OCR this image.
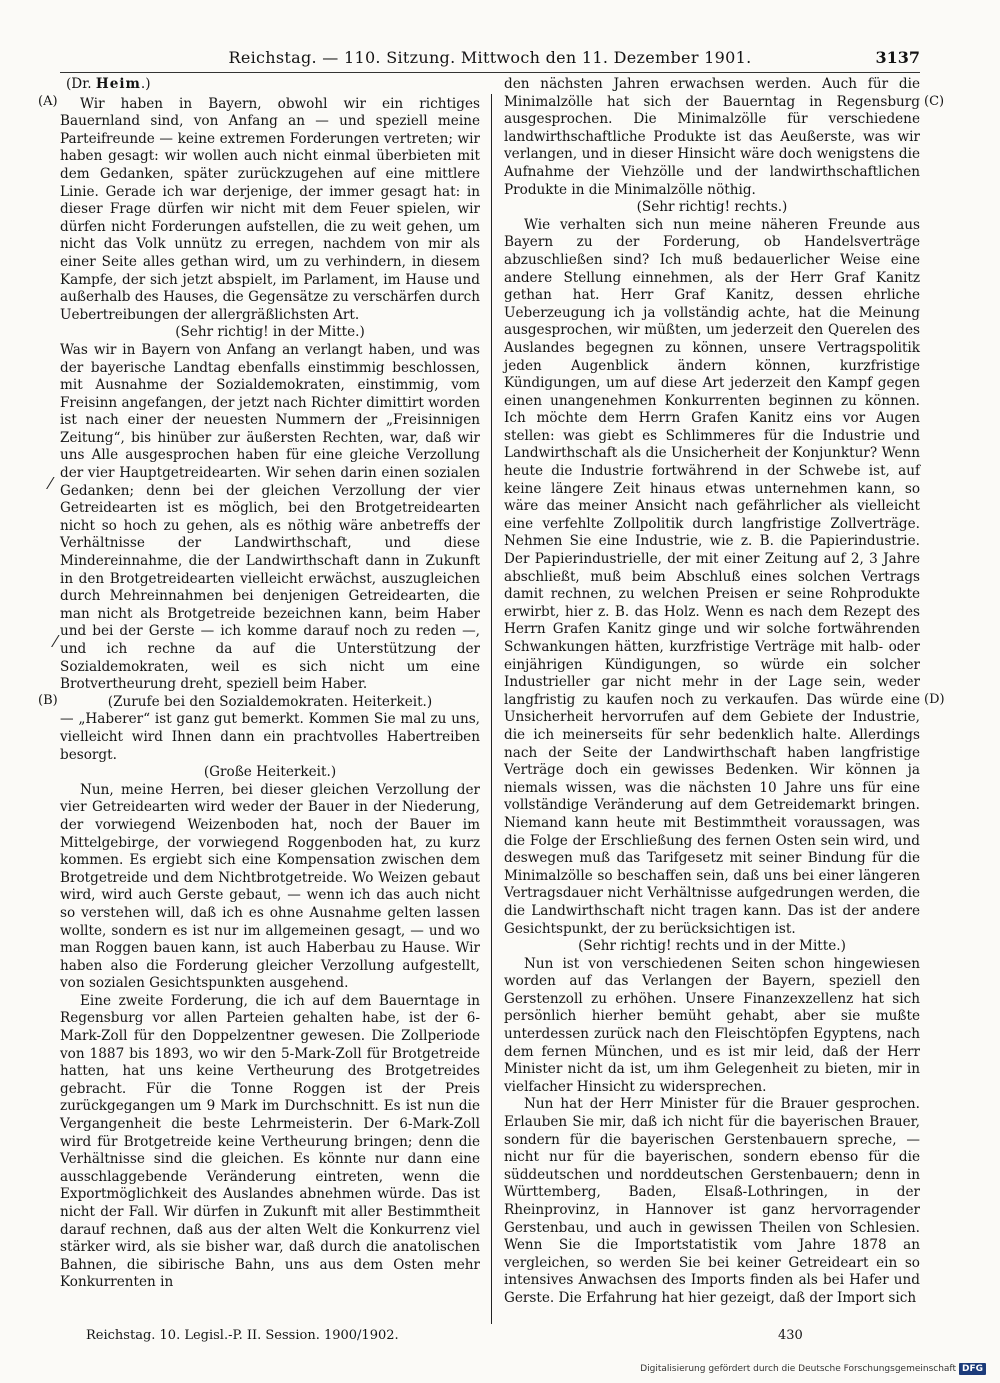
Reichstag. — 110. Sitzung. Mittwoch den 11. Dezember 1901.	3137
(A)
(B)
(C)
(D)
⁄
⁄

(Dr. Heim.)

Wir haben in Bayern, obwohl wir ein richtiges Bauernland sind, von Anfang an — und speziell meine Parteifreunde — keine extremen Forderungen vertreten; wir haben gesagt: wir wollen auch nicht einmal überbieten mit dem Gedanken, später zurückzugehen auf eine mittlere Linie. Gerade ich war derjenige, der immer gesagt hat: in dieser Frage dürfen wir nicht mit dem Feuer spielen, wir dürfen nicht Forderungen aufstellen, die zu weit gehen, um nicht das Volk unnütz zu erregen, nachdem von mir als einer Seite alles gethan wird, um zu verhindern, in diesem Kampfe, der sich jetzt abspielt, im Parlament, im Hause und außerhalb des Hauses, die Gegensätze zu verschärfen durch Uebertreibungen der allergräßlichsten Art.

(Sehr richtig! in der Mitte.)

Was wir in Bayern von Anfang an verlangt haben, und was der bayerische Landtag ebenfalls einstimmig beschlossen, mit Ausnahme der Sozialdemokraten, einstimmig, vom Freisinn angefangen, der jetzt nach Richter dimittirt worden ist nach einer der neuesten Nummern der „Freisinnigen Zeitung“, bis hinüber zur äußersten Rechten, war, daß wir uns Alle ausgesprochen haben für eine gleiche Verzollung der vier Hauptgetreidearten. Wir sehen darin einen sozialen Gedanken; denn bei der gleichen Verzollung der vier Getreidearten ist es möglich, bei den Brotgetreidearten nicht so hoch zu gehen, als es nöthig wäre anbetreffs der Verhältnisse der Landwirthschaft, und diese Mindereinnahme, die der Landwirthschaft dann in Zukunft in den Brotgetreidearten vielleicht erwächst, auszugleichen durch Mehreinnahmen bei denjenigen Getreidearten, die man nicht als Brotgetreide bezeichnen kann, beim Haber und bei der Gerste — ich komme darauf noch zu reden —, und ich rechne da auf die Unterstützung der Sozialdemokraten, weil es sich nicht um eine Brotvertheurung dreht, speziell beim Haber.

(Zurufe bei den Sozialdemokraten. Heiterkeit.)

— „Haberer“ ist ganz gut bemerkt. Kommen Sie mal zu uns, vielleicht wird Ihnen dann ein prachtvolles Habertreiben besorgt.

(Große Heiterkeit.)

Nun, meine Herren, bei dieser gleichen Verzollung der vier Getreidearten wird weder der Bauer in der Niederung, der vorwiegend Weizenboden hat, noch der Bauer im Mittelgebirge, der vorwiegend Roggenboden hat, zu kurz kommen. Es ergiebt sich eine Kompensation zwischen dem Brotgetreide und dem Nichtbrotgetreide. Wo Weizen gebaut wird, wird auch Gerste gebaut, — wenn ich das auch nicht so verstehen will, daß ich es ohne Ausnahme gelten lassen wollte, sondern es ist nur im allgemeinen gesagt, — und wo man Roggen bauen kann, ist auch Haberbau zu Hause. Wir haben also die Forderung gleicher Verzollung aufgestellt, von sozialen Gesichtspunkten ausgehend.

Eine zweite Forderung, die ich auf dem Bauerntage in Regensburg vor allen Parteien gehalten habe, ist der 6-Mark-Zoll für den Doppelzentner gewesen. Die Zollperiode von 1887 bis 1893, wo wir den 5-Mark-Zoll für Brotgetreide hatten, hat uns keine Vertheurung des Brotgetreides gebracht. Für die Tonne Roggen ist der Preis zurückgegangen um 9 Mark im Durchschnitt. Es ist nun die Vergangenheit die beste Lehrmeisterin. Der 6-Mark-Zoll wird für Brotgetreide keine Vertheurung bringen; denn die Verhältnisse sind die gleichen. Es könnte nur dann eine ausschlaggebende Veränderung eintreten, wenn die Exportmöglichkeit des Auslandes abnehmen würde. Das ist nicht der Fall. Wir dürfen in Zukunft mit aller Bestimmtheit darauf rechnen, daß aus der alten Welt die Konkurrenz viel stärker wird, als sie bisher war, daß durch die anatolischen Bahnen, die sibirische Bahn, uns aus dem Osten mehr Konkurrenten in

den nächsten Jahren erwachsen werden. Auch für die Minimalzölle hat sich der Bauerntag in Regensburg ausgesprochen. Die Minimalzölle für verschiedene landwirthschaftliche Produkte ist das Aeußerste, was wir verlangen, und in dieser Hinsicht wäre doch wenigstens die Aufnahme der Viehzölle und der landwirthschaftlichen Produkte in die Minimalzölle nöthig.

(Sehr richtig! rechts.)

Wie verhalten sich nun meine näheren Freunde aus Bayern zu der Forderung, ob Handelsverträge abzuschließen sind? Ich muß bedauerlicher Weise eine andere Stellung einnehmen, als der Herr Graf Kanitz gethan hat. Herr Graf Kanitz, dessen ehrliche Ueberzeugung ich ja vollständig achte, hat die Meinung ausgesprochen, wir müßten, um jederzeit den Querelen des Auslandes begegnen zu können, unsere Vertragspolitik jeden Augenblick ändern können, kurzfristige Kündigungen, um auf diese Art jederzeit den Kampf gegen einen unangenehmen Konkurrenten beginnen zu können. Ich möchte dem Herrn Grafen Kanitz eins vor Augen stellen: was giebt es Schlimmeres für die Industrie und Landwirthschaft als die Unsicherheit der Konjunktur? Wenn heute die Industrie fortwährend in der Schwebe ist, auf keine längere Zeit hinaus etwas unternehmen kann, so wäre das meiner Ansicht nach gefährlicher als vielleicht eine verfehlte Zollpolitik durch langfristige Zollverträge. Nehmen Sie eine Industrie, wie z. B. die Papierindustrie. Der Papierindustrielle, der mit einer Zeitung auf 2, 3 Jahre abschließt, muß beim Abschluß eines solchen Vertrags damit rechnen, zu welchen Preisen er seine Rohprodukte erwirbt, hier z. B. das Holz. Wenn es nach dem Rezept des Herrn Grafen Kanitz ginge und wir solche fortwährenden Schwankungen hätten, kurzfristige Verträge mit halb- oder einjährigen Kündigungen, so würde ein solcher Industrieller gar nicht mehr in der Lage sein, weder langfristig zu kaufen noch zu verkaufen. Das würde eine Unsicherheit hervorrufen auf dem Gebiete der Industrie, die ich meinerseits für sehr bedenklich halte. Allerdings nach der Seite der Landwirthschaft haben langfristige Verträge doch ein gewisses Bedenken. Wir können ja niemals wissen, was die nächsten 10 Jahre uns für eine vollständige Veränderung auf dem Getreidemarkt bringen. Niemand kann heute mit Bestimmtheit voraussagen, was die Folge der Erschließung des fernen Osten sein wird, und deswegen muß das Tarifgesetz mit seiner Bindung für die Minimalzölle so beschaffen sein, daß uns bei einer längeren Vertragsdauer nicht Verhältnisse aufgedrungen werden, die die Landwirthschaft nicht tragen kann. Das ist der andere Gesichtspunkt, der zu berücksichtigen ist.

(Sehr richtig! rechts und in der Mitte.)

Nun ist von verschiedenen Seiten schon hingewiesen worden auf das Verlangen der Bayern, speziell den Gerstenzoll zu erhöhen. Unsere Finanzexzellenz hat sich persönlich hierher bemüht gehabt, aber sie mußte unterdessen zurück nach den Fleischtöpfen Egyptens, nach dem fernen München, und es ist mir leid, daß der Herr Minister nicht da ist, um ihm Gelegenheit zu bieten, mir in vielfacher Hinsicht zu widersprechen.

Nun hat der Herr Minister für die Brauer gesprochen. Erlauben Sie mir, daß ich nicht für die bayerischen Brauer, sondern für die bayerischen Gerstenbauern spreche, — nicht nur für die bayerischen, sondern ebenso für die süddeutschen und norddeutschen Gerstenbauern; denn in Württemberg, Baden, Elsaß-Lothringen, in der Rheinprovinz, in Hannover ist ganz hervorragender Gerstenbau, und auch in gewissen Theilen von Schlesien. Wenn Sie die Importstatistik vom Jahre 1878 an vergleichen, so werden Sie bei keiner Getreideart ein so intensives Anwachsen des Imports finden als bei Hafer und Gerste. Die Erfahrung hat hier gezeigt, daß der Import sich

Reichstag. 10. Legisl.-P. II. Session. 1900/1902.	430
Digitalisierung gefördert durch die Deutsche Forschungsgemeinschaft DFG
